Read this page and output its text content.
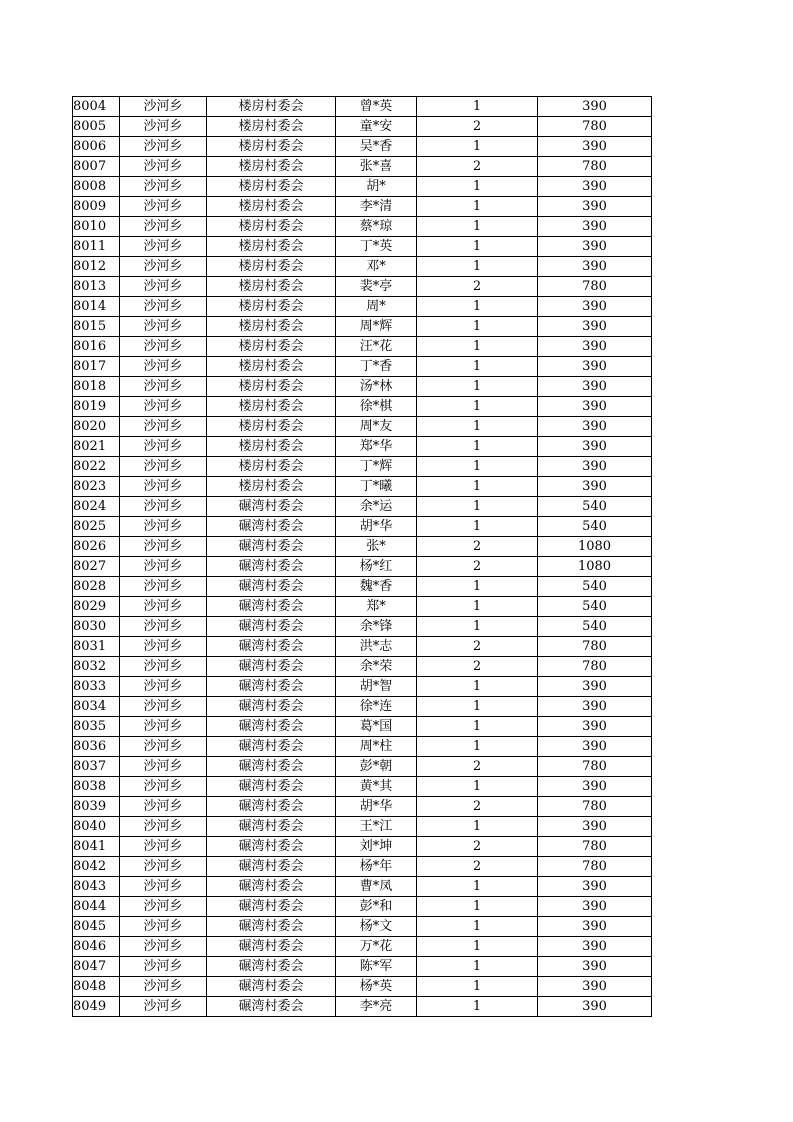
8004	沙河乡	楼房村委会	曾*英	1	390
8005	沙河乡	楼房村委会	童*安	2	780
8006	沙河乡	楼房村委会	吴*香	1	390
8007	沙河乡	楼房村委会	张*喜	2	780
8008	沙河乡	楼房村委会	胡*	1	390
8009	沙河乡	楼房村委会	李*清	1	390
8010	沙河乡	楼房村委会	蔡*琼	1	390
8011	沙河乡	楼房村委会	丁*英	1	390
8012	沙河乡	楼房村委会	邓*	1	390
8013	沙河乡	楼房村委会	裴*亭	2	780
8014	沙河乡	楼房村委会	周*	1	390
8015	沙河乡	楼房村委会	周*辉	1	390
8016	沙河乡	楼房村委会	汪*花	1	390
8017	沙河乡	楼房村委会	丁*香	1	390
8018	沙河乡	楼房村委会	汤*林	1	390
8019	沙河乡	楼房村委会	徐*棋	1	390
8020	沙河乡	楼房村委会	周*友	1	390
8021	沙河乡	楼房村委会	郑*华	1	390
8022	沙河乡	楼房村委会	丁*辉	1	390
8023	沙河乡	楼房村委会	丁*曦	1	390
8024	沙河乡	碾湾村委会	余*运	1	540
8025	沙河乡	碾湾村委会	胡*华	1	540
8026	沙河乡	碾湾村委会	张*	2	1080
8027	沙河乡	碾湾村委会	杨*红	2	1080
8028	沙河乡	碾湾村委会	魏*香	1	540
8029	沙河乡	碾湾村委会	郑*	1	540
8030	沙河乡	碾湾村委会	余*锋	1	540
8031	沙河乡	碾湾村委会	洪*志	2	780
8032	沙河乡	碾湾村委会	余*荣	2	780
8033	沙河乡	碾湾村委会	胡*智	1	390
8034	沙河乡	碾湾村委会	徐*连	1	390
8035	沙河乡	碾湾村委会	葛*国	1	390
8036	沙河乡	碾湾村委会	周*柱	1	390
8037	沙河乡	碾湾村委会	彭*朝	2	780
8038	沙河乡	碾湾村委会	黄*其	1	390
8039	沙河乡	碾湾村委会	胡*华	2	780
8040	沙河乡	碾湾村委会	王*江	1	390
8041	沙河乡	碾湾村委会	刘*坤	2	780
8042	沙河乡	碾湾村委会	杨*年	2	780
8043	沙河乡	碾湾村委会	曹*凤	1	390
8044	沙河乡	碾湾村委会	彭*和	1	390
8045	沙河乡	碾湾村委会	杨*文	1	390
8046	沙河乡	碾湾村委会	万*花	1	390
8047	沙河乡	碾湾村委会	陈*军	1	390
8048	沙河乡	碾湾村委会	杨*英	1	390
8049	沙河乡	碾湾村委会	李*亮	1	390
